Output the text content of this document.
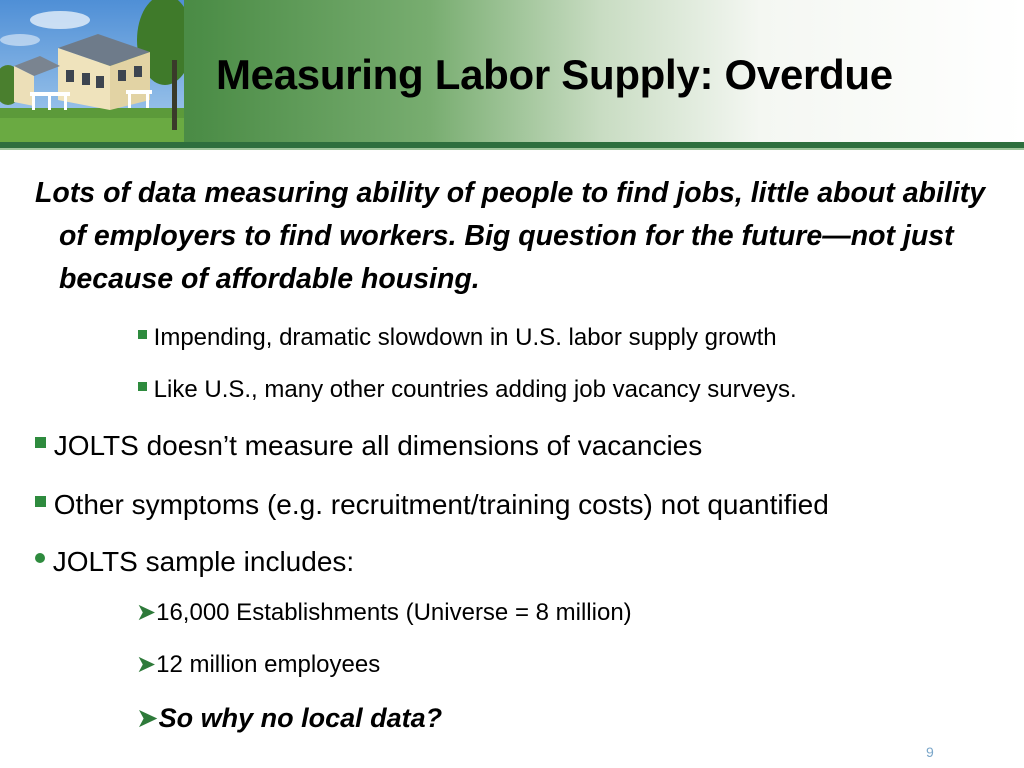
Measuring Labor Supply: Overdue

Lots of data measuring ability of people to find jobs, little about ability of employers to find workers. Big question for the future—not just because of affordable housing.

Impending, dramatic slowdown in U.S. labor supply growth

Like U.S., many other countries adding job vacancy surveys.

JOLTS doesn’t measure all dimensions of vacancies

Other symptoms (e.g. recruitment/training costs) not quantified

JOLTS sample includes:

➤16,000 Establishments (Universe = 8 million)

➤12 million employees

➤So why no local data?

9
